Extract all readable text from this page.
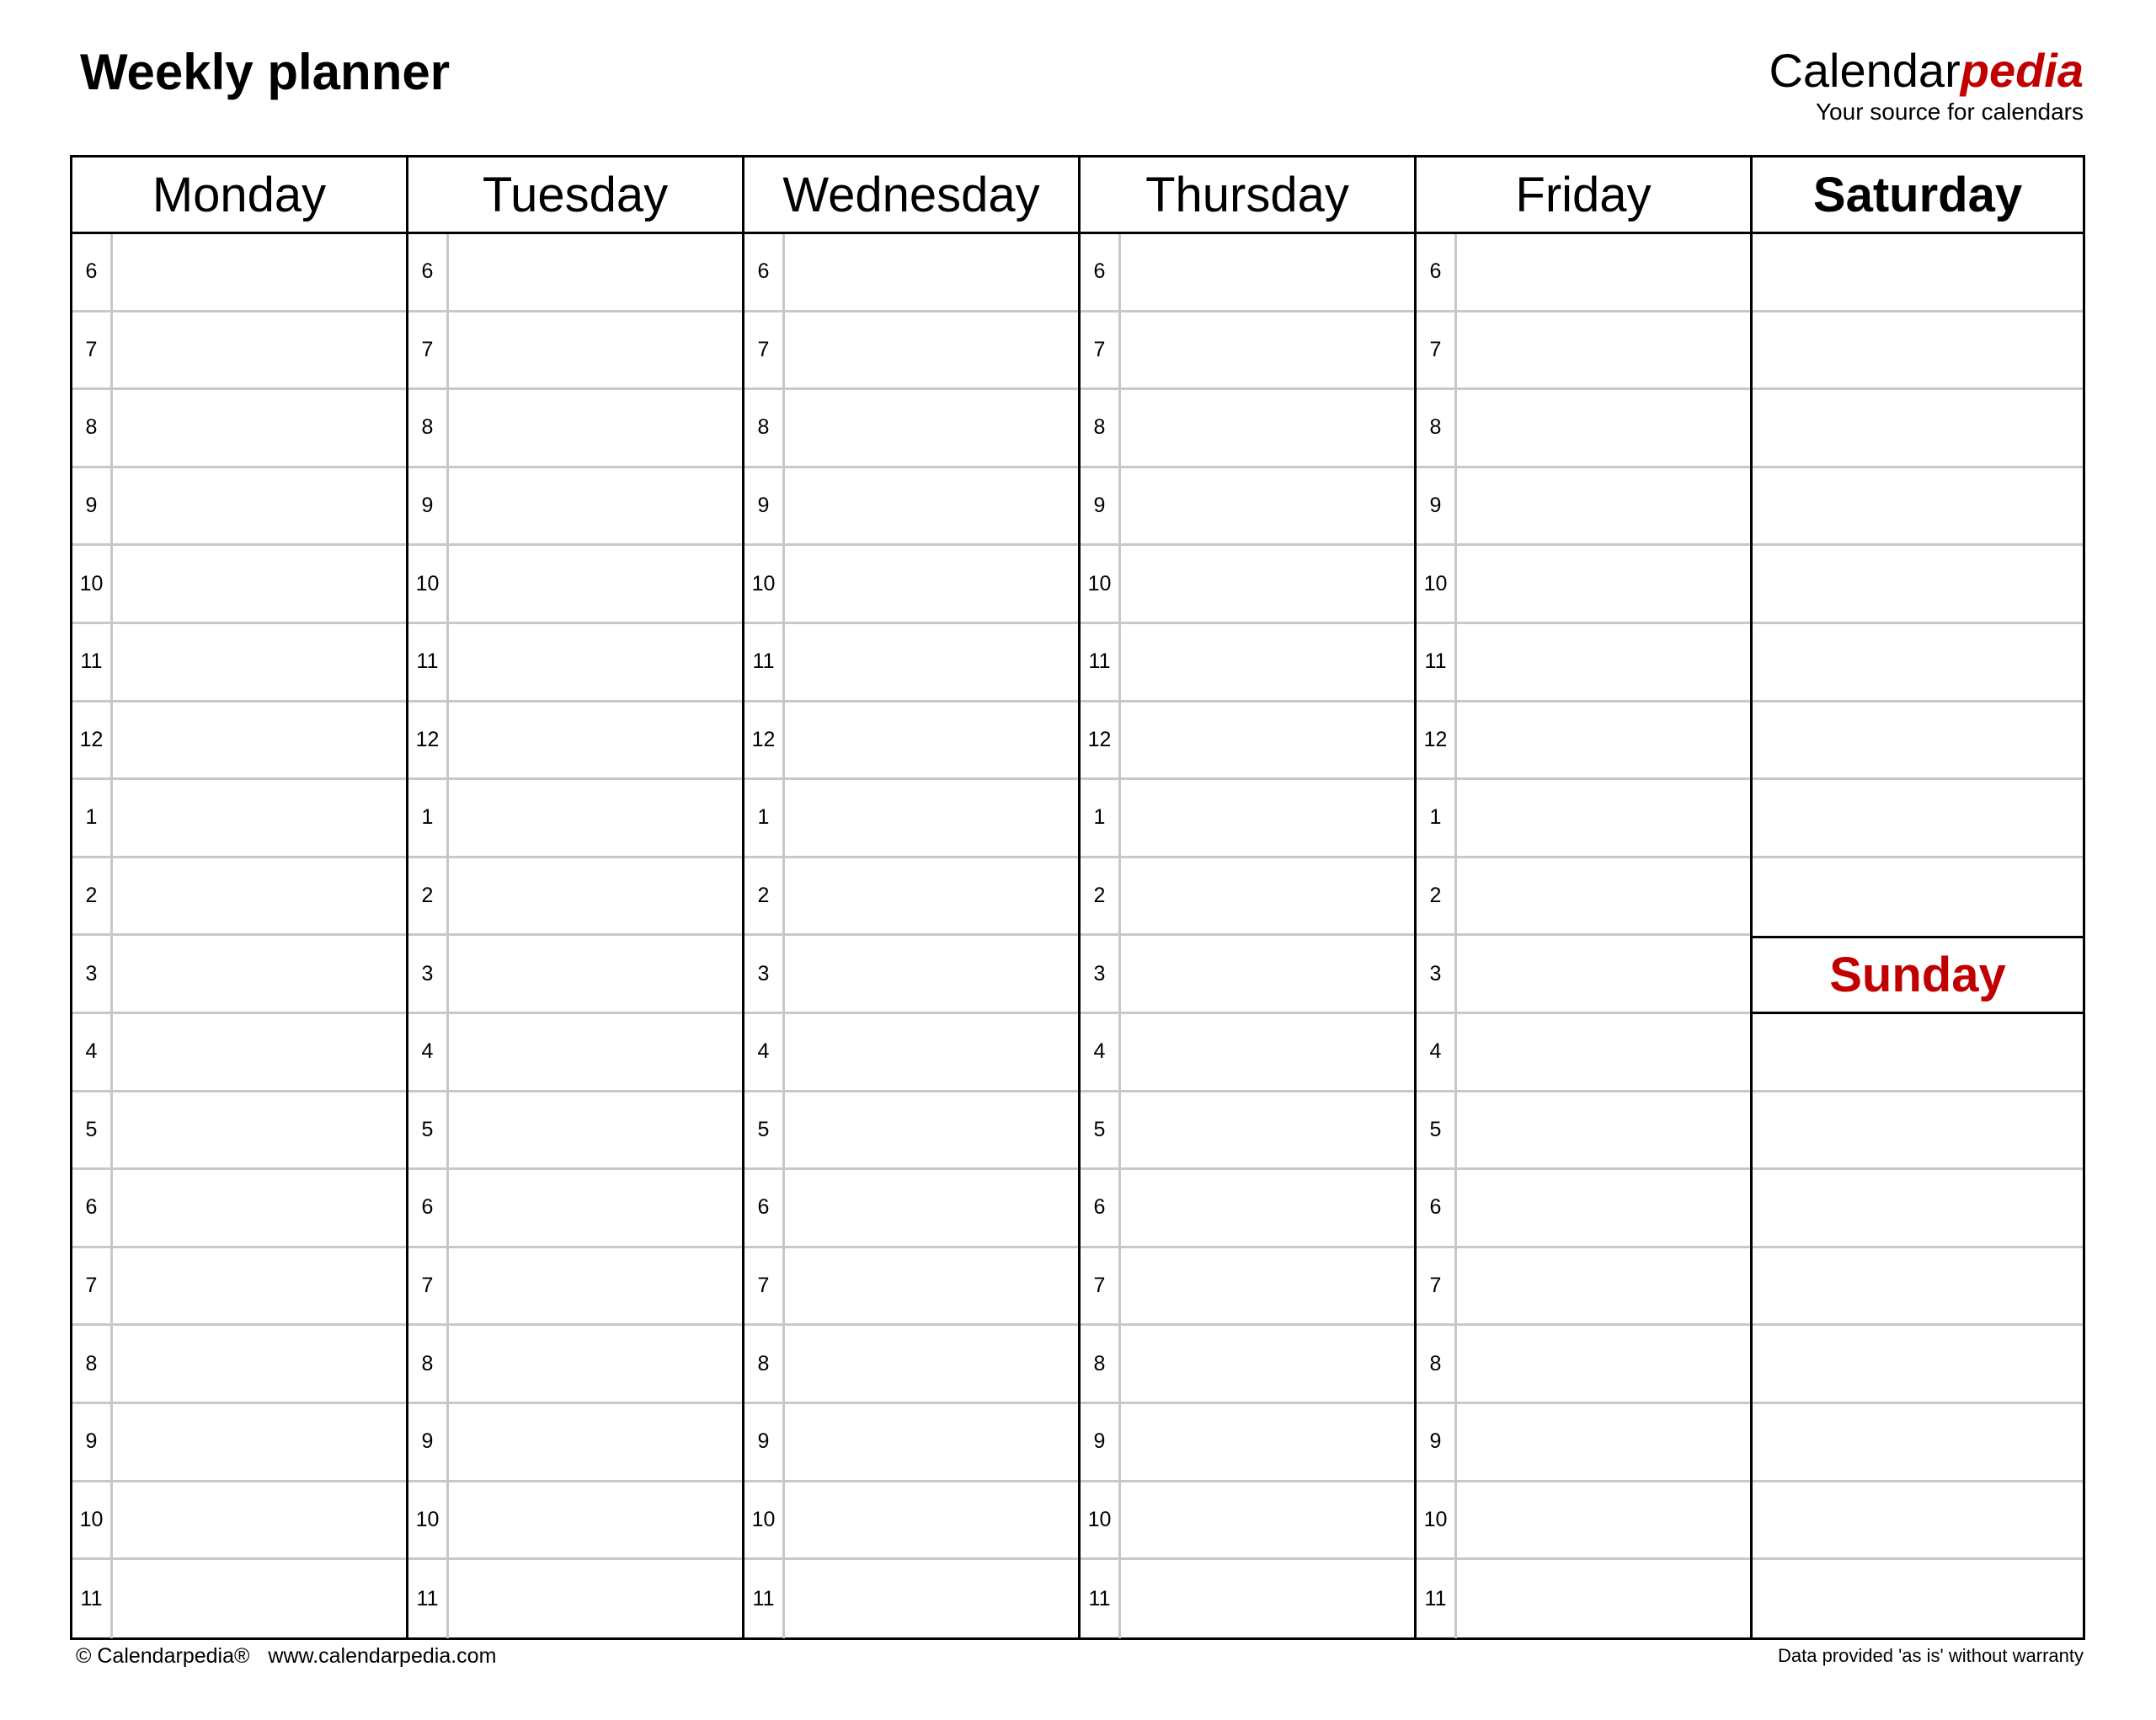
Weekly planner	Calendarpedia
Your source for calendars
Monday
6
7
8
9
10
11
12
1
2
3
4
5
6
7
8
9
10
11
Tuesday
6
7
8
9
10
11
12
1
2
3
4
5
6
7
8
9
10
11
Wednesday
6
7
8
9
10
11
12
1
2
3
4
5
6
7
8
9
10
11
Thursday
6
7
8
9
10
11
12
1
2
3
4
5
6
7
8
9
10
11
Friday
6
7
8
9
10
11
12
1
2
3
4
5
6
7
8
9
10
11
Saturday
Sunday
© Calendarpedia® www.calendarpedia.com	Data provided 'as is' without warranty
